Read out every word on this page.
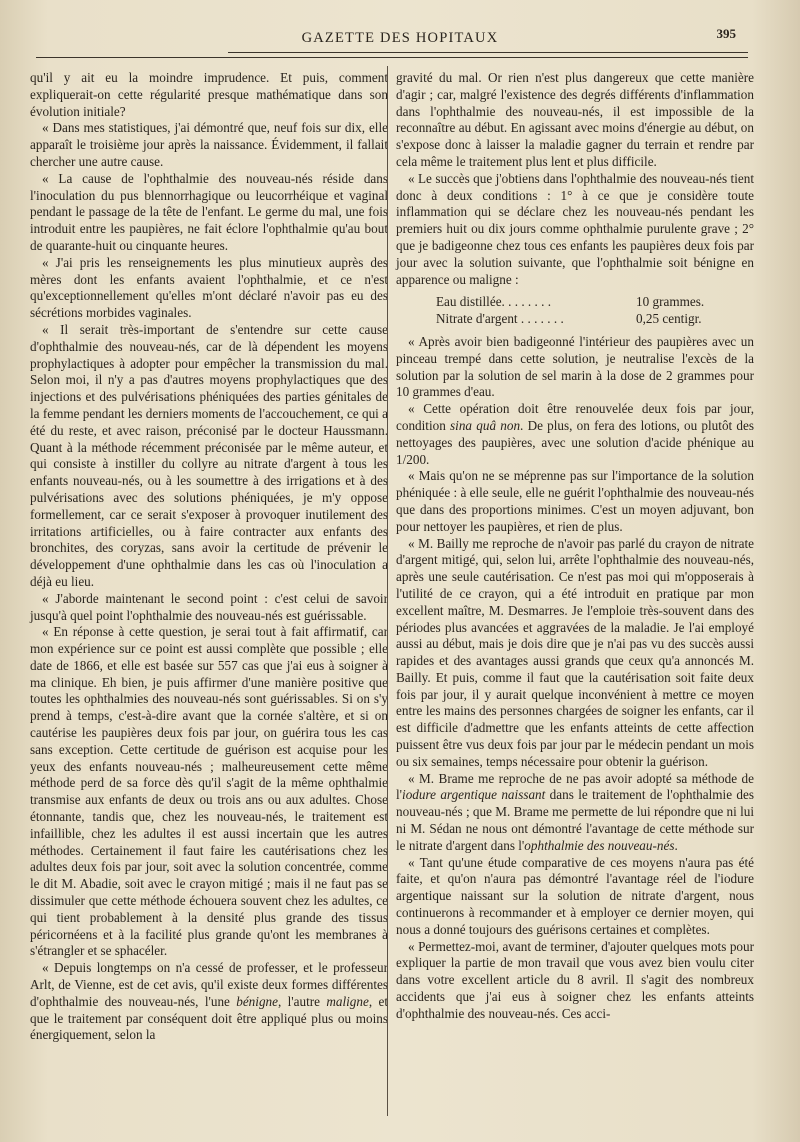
GAZETTE DES HOPITAUX	395

qu'il y ait eu la moindre imprudence. Et puis, comment expliquerait-on cette régularité presque mathématique dans son évolution initiale?

« Dans mes statistiques, j'ai démontré que, neuf fois sur dix, elle apparaît le troisième jour après la naissance. Évidemment, il fallait chercher une autre cause.

« La cause de l'ophthalmie des nouveau-nés réside dans l'inoculation du pus blennorrhagique ou leucorrhéique et vaginal pendant le passage de la tête de l'enfant. Le germe du mal, une fois introduit entre les paupières, ne fait éclore l'ophthalmie qu'au bout de quarante-huit ou cinquante heures.

« J'ai pris les renseignements les plus minutieux auprès des mères dont les enfants avaient l'ophthalmie, et ce n'est qu'exceptionnellement qu'elles m'ont déclaré n'avoir pas eu des sécrétions morbides vaginales.

« Il serait très-important de s'entendre sur cette cause d'ophthalmie des nouveau-nés, car de là dépendent les moyens prophylactiques à adopter pour empêcher la transmission du mal. Selon moi, il n'y a pas d'autres moyens prophylactiques que des injections et des pulvérisations phéniquées des parties génitales de la femme pendant les derniers moments de l'accouchement, ce qui a été du reste, et avec raison, préconisé par le docteur Haussmann. Quant à la méthode récemment préconisée par le même auteur, et qui consiste à instiller du collyre au nitrate d'argent à tous les enfants nouveau-nés, ou à les soumettre à des irrigations et à des pulvérisations avec des solutions phéniquées, je m'y oppose formellement, car ce serait s'exposer à provoquer inutilement des irritations artificielles, ou à faire contracter aux enfants des bronchites, des coryzas, sans avoir la certitude de prévenir le développement d'une ophthalmie dans les cas où l'inoculation a déjà eu lieu.

« J'aborde maintenant le second point : c'est celui de savoir jusqu'à quel point l'ophthalmie des nouveau-nés est guérissable.

« En réponse à cette question, je serai tout à fait affirmatif, car mon expérience sur ce point est aussi complète que possible ; elle date de 1866, et elle est basée sur 557 cas que j'ai eus à soigner à ma clinique. Eh bien, je puis affirmer d'une manière positive que toutes les ophthalmies des nouveau-nés sont guérissables. Si on s'y prend à temps, c'est-à-dire avant que la cornée s'altère, et si on cautérise les paupières deux fois par jour, on guérira tous les cas sans exception. Cette certitude de guérison est acquise pour les yeux des enfants nouveau-nés ; malheureusement cette même méthode perd de sa force dès qu'il s'agit de la même ophthalmie transmise aux enfants de deux ou trois ans ou aux adultes. Chose étonnante, tandis que, chez les nouveau-nés, le traitement est infaillible, chez les adultes il est aussi incertain que les autres méthodes. Certainement il faut faire les cautérisations chez les adultes deux fois par jour, soit avec la solution concentrée, comme le dit M. Abadie, soit avec le crayon mitigé ; mais il ne faut pas se dissimuler que cette méthode échouera souvent chez les adultes, ce qui tient probablement à la densité plus grande des tissus péricornéens et à la facilité plus grande qu'ont les membranes à s'étrangler et se sphacéler.

« Depuis longtemps on n'a cessé de professer, et le professeur Arlt, de Vienne, est de cet avis, qu'il existe deux formes différentes d'ophthalmie des nouveau-nés, l'une bénigne, l'autre maligne, et que le traitement par conséquent doit être appliqué plus ou moins énergiquement, selon la

gravité du mal. Or rien n'est plus dangereux que cette manière d'agir ; car, malgré l'existence des degrés différents d'inflammation dans l'ophthalmie des nouveau-nés, il est impossible de la reconnaître au début. En agissant avec moins d'énergie au début, on s'expose donc à laisser la maladie gagner du terrain et rendre par cela même le traitement plus lent et plus difficile.

« Le succès que j'obtiens dans l'ophthalmie des nouveau-nés tient donc à deux conditions : 1° à ce que je considère toute inflammation qui se déclare chez les nouveau-nés pendant les premiers huit ou dix jours comme ophthalmie purulente grave ; 2° que je badigeonne chez tous ces enfants les paupières deux fois par jour avec la solution suivante, que l'ophthalmie soit bénigne en apparence ou maligne :

Eau distillée. . . . . . . .	10 grammes.
Nitrate d'argent . . . . . . .	0,25 centigr.

« Après avoir bien badigeonné l'intérieur des paupières avec un pinceau trempé dans cette solution, je neutralise l'excès de la solution par la solution de sel marin à la dose de 2 grammes pour 10 grammes d'eau.

« Cette opération doit être renouvelée deux fois par jour, condition sina quâ non. De plus, on fera des lotions, ou plutôt des nettoyages des paupières, avec une solution d'acide phénique au 1/200.

« Mais qu'on ne se méprenne pas sur l'importance de la solution phéniquée : à elle seule, elle ne guérit l'ophthalmie des nouveau-nés que dans des proportions minimes. C'est un moyen adjuvant, bon pour nettoyer les paupières, et rien de plus.

« M. Bailly me reproche de n'avoir pas parlé du crayon de nitrate d'argent mitigé, qui, selon lui, arrête l'ophthalmie des nouveau-nés, après une seule cautérisation. Ce n'est pas moi qui m'opposerais à l'utilité de ce crayon, qui a été introduit en pratique par mon excellent maître, M. Desmarres. Je l'emploie très-souvent dans des périodes plus avancées et aggravées de la maladie. Je l'ai employé aussi au début, mais je dois dire que je n'ai pas vu des succès aussi rapides et des avantages aussi grands que ceux qu'a annoncés M. Bailly. Et puis, comme il faut que la cautérisation soit faite deux fois par jour, il y aurait quelque inconvénient à mettre ce moyen entre les mains des personnes chargées de soigner les enfants, car il est difficile d'admettre que les enfants atteints de cette affection puissent être vus deux fois par jour par le médecin pendant un mois ou six semaines, temps nécessaire pour obtenir la guérison.

« M. Brame me reproche de ne pas avoir adopté sa méthode de l'iodure argentique naissant dans le traitement de l'ophthalmie des nouveau-nés ; que M. Brame me permette de lui répondre que ni lui ni M. Sédan ne nous ont démontré l'avantage de cette méthode sur le nitrate d'argent dans l'ophthalmie des nouveau-nés.

« Tant qu'une étude comparative de ces moyens n'aura pas été faite, et qu'on n'aura pas démontré l'avantage réel de l'iodure argentique naissant sur la solution de nitrate d'argent, nous continuerons à recommander et à employer ce dernier moyen, qui nous a donné toujours des guérisons certaines et complètes.

« Permettez-moi, avant de terminer, d'ajouter quelques mots pour expliquer la partie de mon travail que vous avez bien voulu citer dans votre excellent article du 8 avril. Il s'agit des nombreux accidents que j'ai eus à soigner chez les enfants atteints d'ophthalmie des nouveau-nés. Ces acci-
